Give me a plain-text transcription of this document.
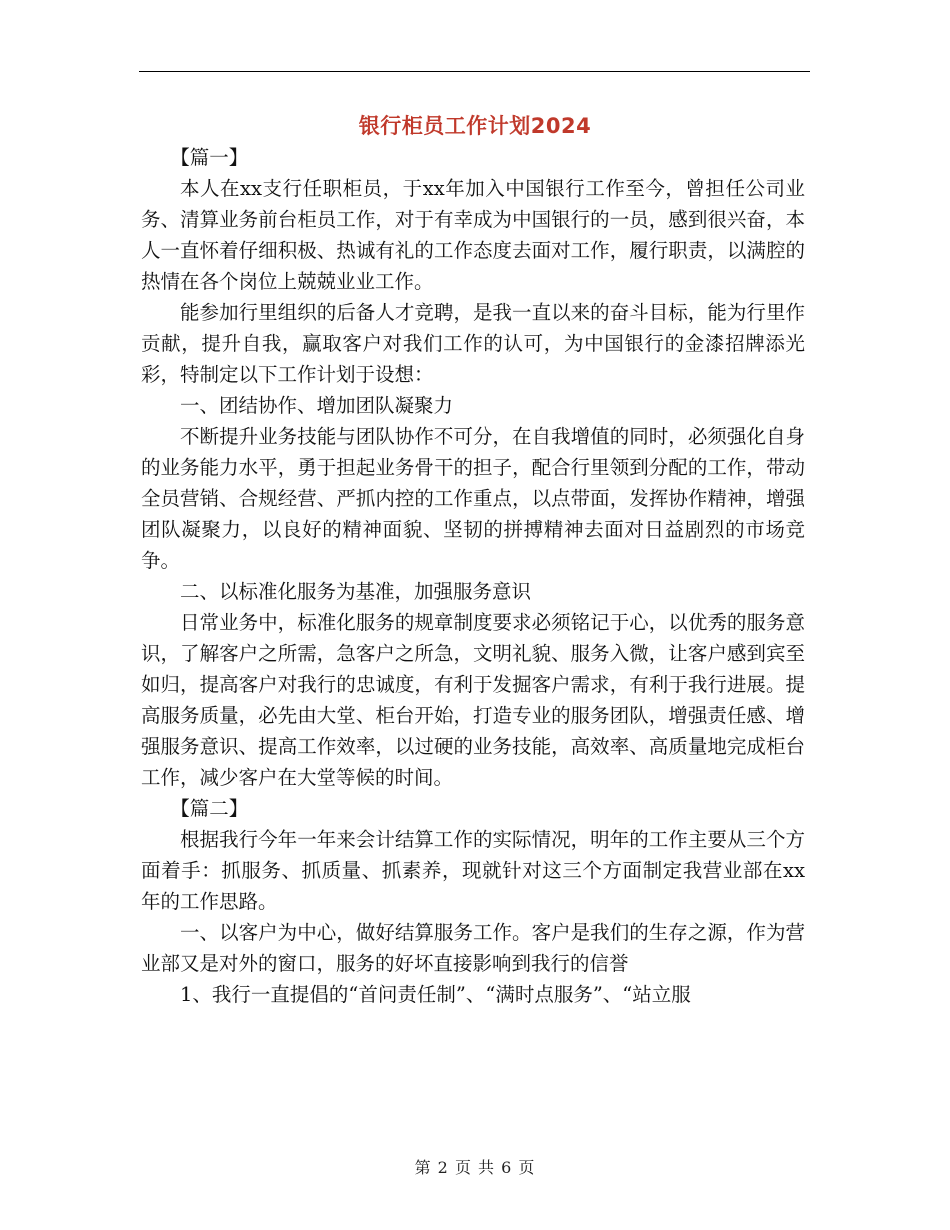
银行柜员工作计划2024

【篇一】

本人在xx支行任职柜员，于xx年加入中国银行工作至今，曾担任公司业务、清算业务前台柜员工作，对于有幸成为中国银行的一员，感到很兴奋，本人一直怀着仔细积极、热诚有礼的工作态度去面对工作，履行职责，以满腔的热情在各个岗位上兢兢业业工作。

能参加行里组织的后备人才竞聘，是我一直以来的奋斗目标，能为行里作贡献，提升自我，赢取客户对我们工作的认可，为中国银行的金漆招牌添光彩，特制定以下工作计划于设想：

一、团结协作、增加团队凝聚力

不断提升业务技能与团队协作不可分，在自我增值的同时，必须强化自身的业务能力水平，勇于担起业务骨干的担子，配合行里领到分配的工作，带动全员营销、合规经营、严抓内控的工作重点，以点带面，发挥协作精神，增强团队凝聚力，以良好的精神面貌、坚韧的拼搏精神去面对日益剧烈的市场竞争。

二、以标准化服务为基准，加强服务意识

日常业务中，标准化服务的规章制度要求必须铭记于心，以优秀的服务意识，了解客户之所需，急客户之所急，文明礼貌、服务入微，让客户感到宾至如归，提高客户对我行的忠诚度，有利于发掘客户需求，有利于我行进展。提高服务质量，必先由大堂、柜台开始，打造专业的服务团队，增强责任感、增强服务意识、提高工作效率，以过硬的业务技能，高效率、高质量地完成柜台工作，减少客户在大堂等候的时间。

【篇二】

根据我行今年一年来会计结算工作的实际情况，明年的工作主要从三个方面着手：抓服务、抓质量、抓素养，现就针对这三个方面制定我营业部在xx年的工作思路。

一、以客户为中心，做好结算服务工作。客户是我们的生存之源，作为营业部又是对外的窗口，服务的好坏直接影响到我行的信誉

1、我行一直提倡的“首问责任制”、“满时点服务”、“站立服

第 2 页 共 6 页
